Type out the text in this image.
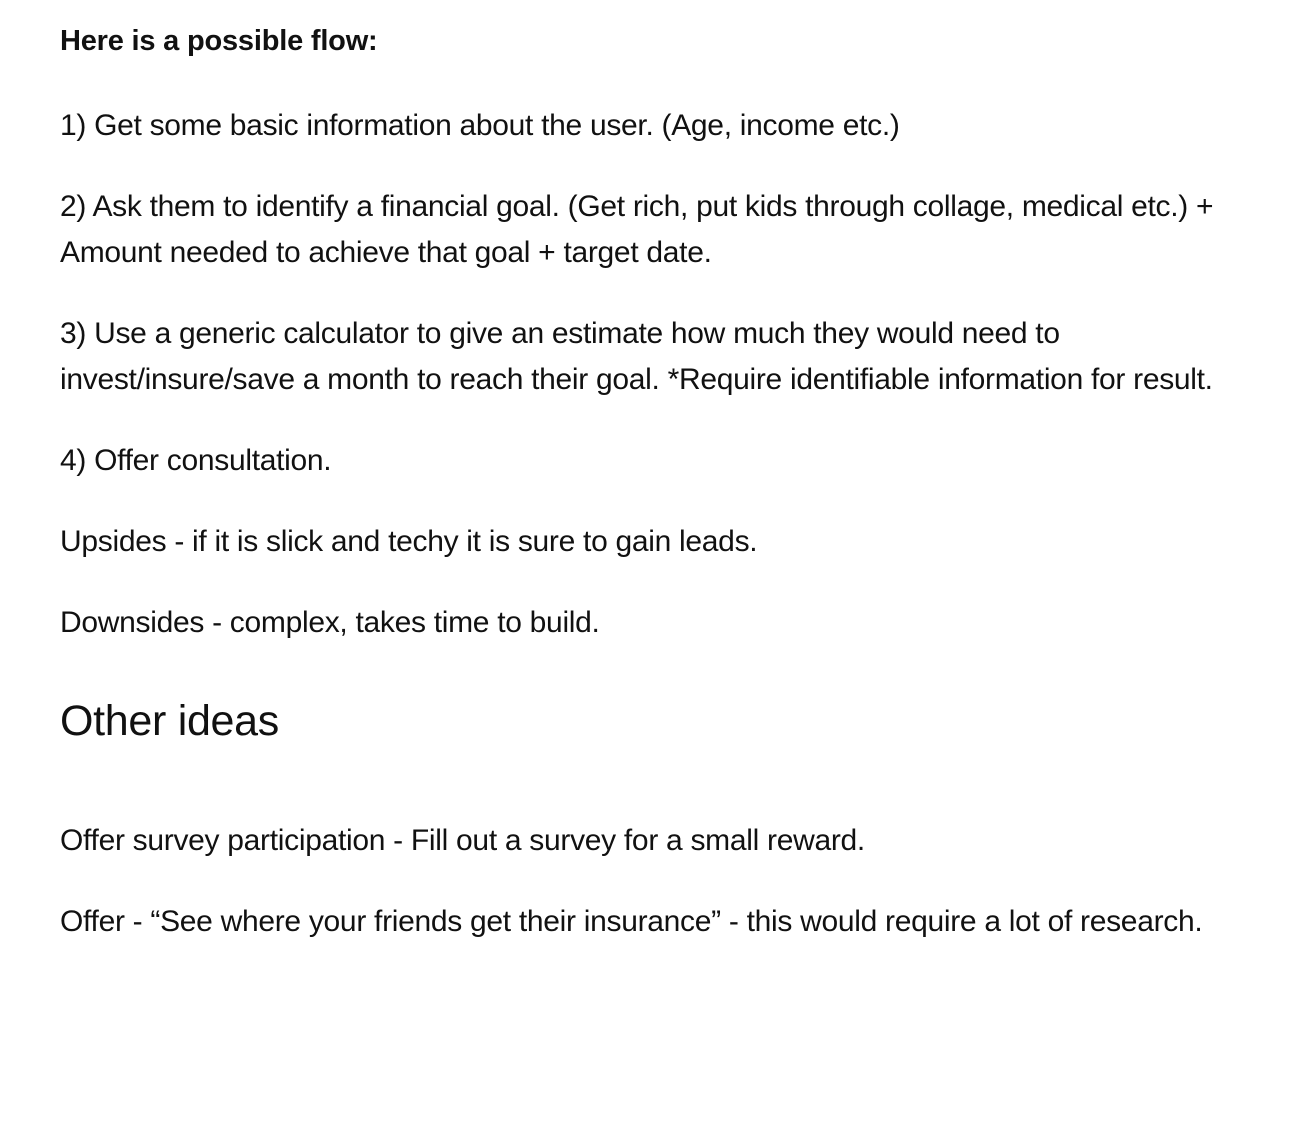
Here is a possible flow:

1) Get some basic information about the user. (Age, income etc.)

2) Ask them to identify a financial goal. (Get rich, put kids through collage, medical etc.) + Amount needed to achieve that goal + target date.

3) Use a generic calculator to give an estimate how much they would need to invest/insure/save a month to reach their goal. *Require identifiable information for result.

4) Offer consultation.

Upsides - if it is slick and techy it is sure to gain leads.

Downsides - complex, takes time to build.

Other ideas

Offer survey participation - Fill out a survey for a small reward.

Offer - “See where your friends get their insurance” - this would require a lot of research.
